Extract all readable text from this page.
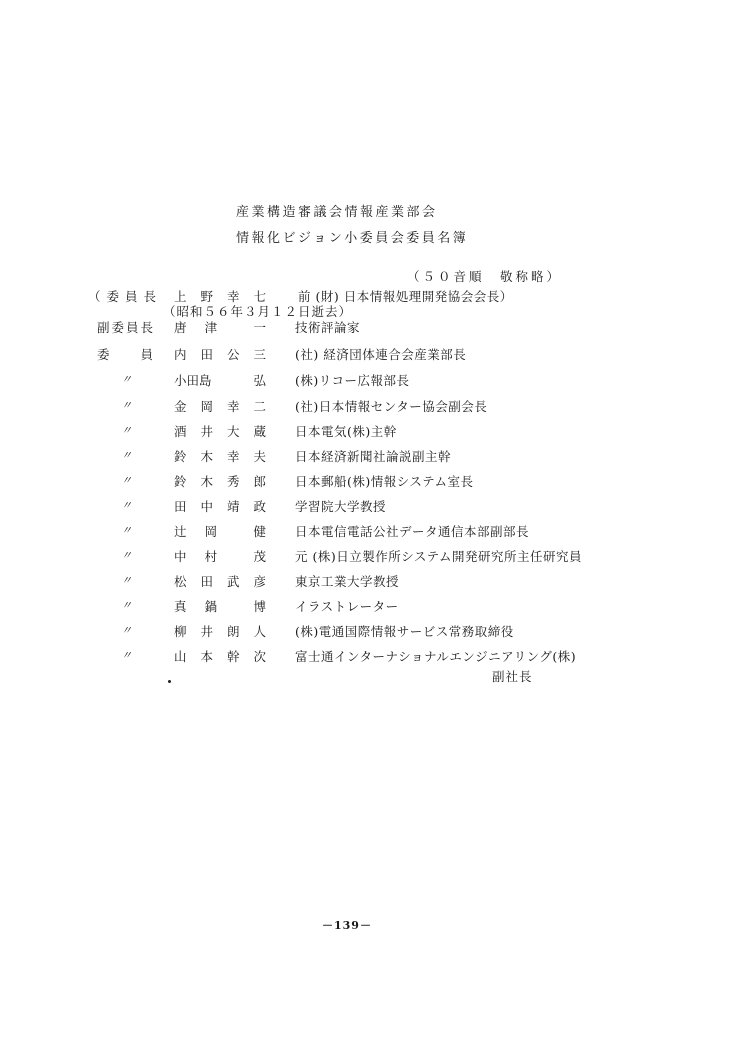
産業構造審議会情報産業部会
情報化ビジョン小委員会委員名簿
（５０音順　敬称略）
（委員長 上 野 幸 七	前 (財) 日本情報処理開発協会会長）
（昭和５６年３月１２日逝去）
副委員長 唐 津	一 技術評論家
委　　員 内 田 公 三 (社) 経済団体連合会産業部長
〃	小田島	弘 (株)リコー広報部長
〃	金 岡 幸 二 (社)日本情報センター協会副会長
〃	酒 井 大 蔵 日本電気(株)主幹
〃	鈴 木 幸 夫 日本経済新聞社論説副主幹
〃	鈴 木 秀 郎 日本郵船(株)情報システム室長
〃	田 中 靖 政 学習院大学教授
〃	辻 岡	健 日本電信電話公社データ通信本部副部長
〃	中 村	茂 元 (株)日立製作所システム開発研究所主任研究員
〃	松 田 武 彦 東京工業大学教授
〃	真 鍋	博 イラストレーター
〃	柳 井 朗 人 (株)電通国際情報サービス常務取締役
〃	山 本 幹 次 富士通インターナショナルエンジニアリング(株)
副社長
－139－
